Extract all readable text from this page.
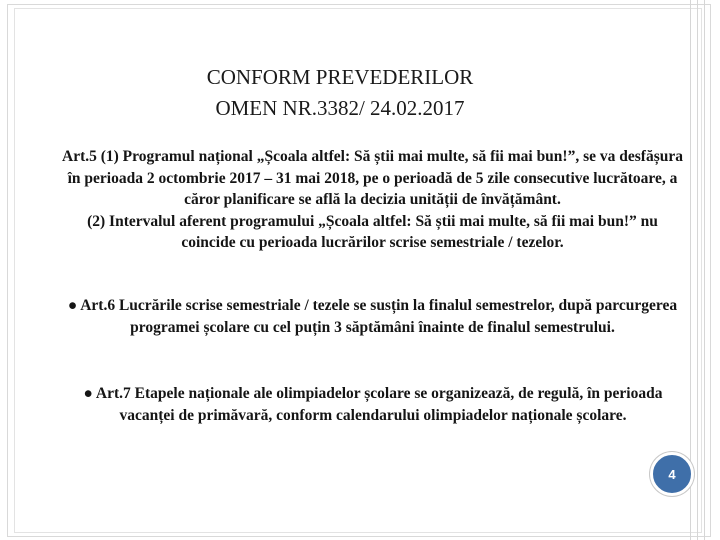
CONFORM PREVEDERILOR
OMEN NR.3382/ 24.02.2017

Art.5 (1) Programul național „Școala altfel: Să știi mai multe, să fii mai bun!”, se va desfășura în perioada 2 octombrie 2017 – 31 mai 2018, pe o perioadă de 5 zile consecutive lucrătoare, a căror planificare se află la decizia unității de învățământ.

(2) Intervalul aferent programului „Școala altfel: Să știi mai multe, să fii mai bun!” nu coincide cu perioada lucrărilor scrise semestriale / tezelor.

● Art.6 Lucrările scrise semestriale / tezele se susțin la finalul semestrelor, după parcurgerea programei școlare cu cel puțin 3 săptămâni înainte de finalul semestrului.

● Art.7 Etapele naționale ale olimpiadelor școlare se organizează, de regulă, în perioada vacanței de primăvară, conform calendarului olimpiadelor naționale școlare.

4
